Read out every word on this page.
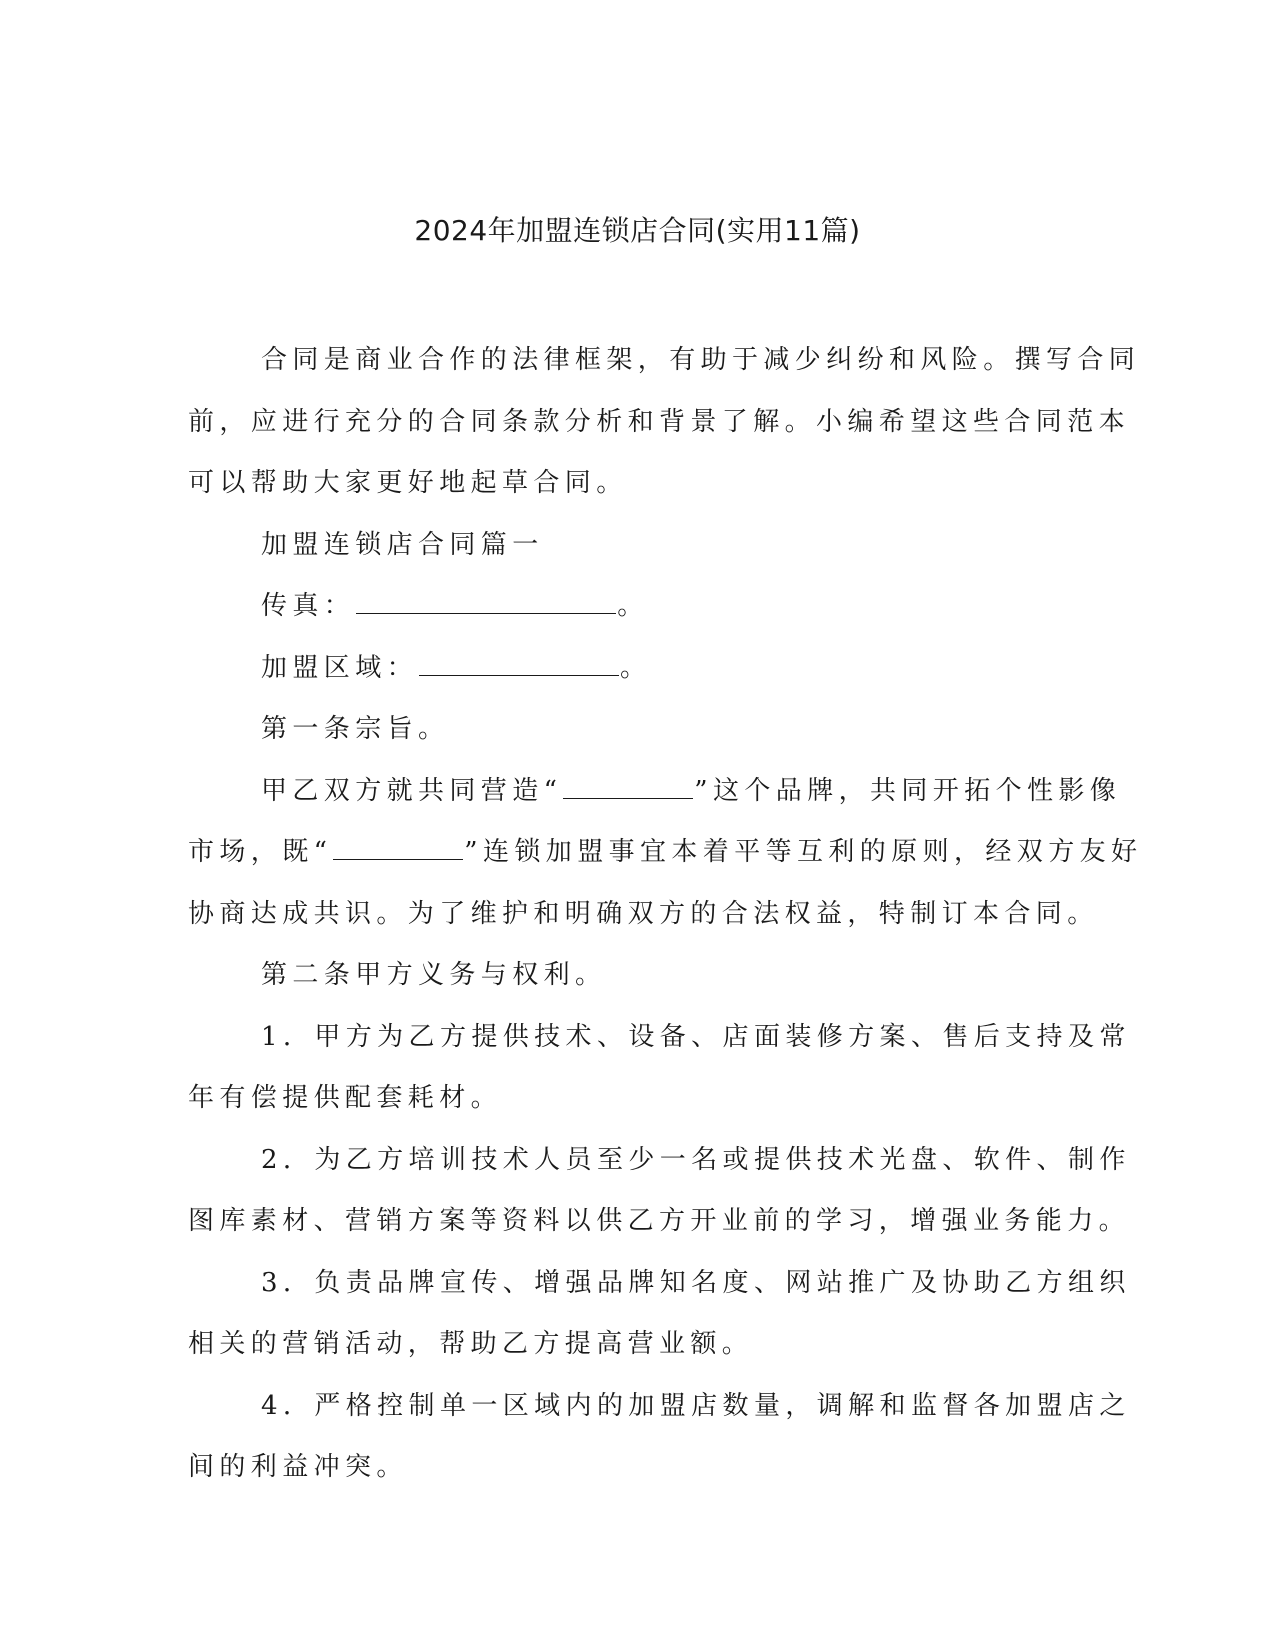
2024年加盟连锁店合同(实用11篇)

合同是商业合作的法律框架，有助于减少纠纷和风险。撰写合同

前，应进行充分的合同条款分析和背景了解。小编希望这些合同范本

可以帮助大家更好地起草合同。

加盟连锁店合同篇一

传真：	。

加盟区域：	。

第一条宗旨。

甲乙双方就共同营造“	”这个品牌，共同开拓个性影像

市场，既“	”连锁加盟事宜本着平等互利的原则，经双方友好

协商达成共识。为了维护和明确双方的合法权益，特制订本合同。

第二条甲方义务与权利。

1．甲方为乙方提供技术、设备、店面装修方案、售后支持及常

年有偿提供配套耗材。

2．为乙方培训技术人员至少一名或提供技术光盘、软件、制作

图库素材、营销方案等资料以供乙方开业前的学习，增强业务能力。

3．负责品牌宣传、增强品牌知名度、网站推广及协助乙方组织

相关的营销活动，帮助乙方提高营业额。

4．严格控制单一区域内的加盟店数量，调解和监督各加盟店之

间的利益冲突。
